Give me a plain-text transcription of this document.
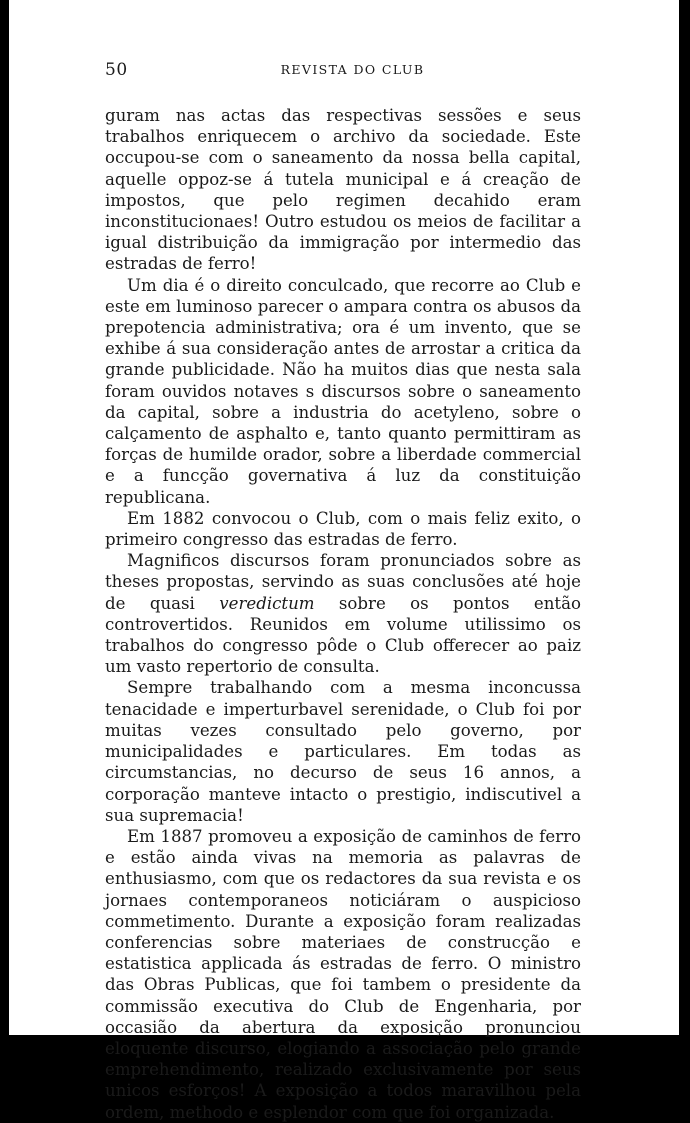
50	REVISTA DO CLUB

guram nas actas das respectivas sessões e seus trabalhos enriquecem o archivo da sociedade. Este occupou-se com o saneamento da nossa bella capital, aquelle oppoz-se á tutela municipal e á creação de impostos, que pelo regimen decahido eram inconstitucionaes! Outro estudou os meios de facilitar a igual distribuição da immigração por intermedio das estradas de ferro!

Um dia é o direito conculcado, que recorre ao Club e este em luminoso parecer o ampara contra os abusos da prepotencia administrativa; ora é um invento, que se exhibe á sua consideração antes de arrostar a critica da grande publicidade. Não ha muitos dias que nesta sala foram ouvidos notaves s discursos sobre o saneamento da capital, sobre a industria do acetyleno, sobre o calçamento de asphalto e, tanto quanto permittiram as forças de humilde orador, sobre a liberdade commercial e a funcção governativa á luz da constituição republicana.

Em 1882 convocou o Club, com o mais feliz exito, o primeiro congresso das estradas de ferro.

Magnificos discursos foram pronunciados sobre as theses propostas, servindo as suas conclusões até hoje de quasi veredictum sobre os pontos então controvertidos. Reunidos em volume utilissimo os trabalhos do congresso pôde o Club offerecer ao paiz um vasto repertorio de consulta.

Sempre trabalhando com a mesma inconcussa tenacidade e imperturbavel serenidade, o Club foi por muitas vezes consultado pelo governo, por municipalidades e particulares. Em todas as circumstancias, no decurso de seus 16 annos, a corporação manteve intacto o prestigio, indiscutivel a sua supremacia!

Em 1887 promoveu a exposição de caminhos de ferro e estão ainda vivas na memoria as palavras de enthusiasmo, com que os redactores da sua revista e os jornaes contemporaneos noticiáram o auspicioso commetimento. Durante a exposição foram realizadas conferencias sobre materiaes de construcção e estatistica applicada ás estradas de ferro. O ministro das Obras Publicas, que foi tambem o presidente da commissão executiva do Club de Engenharia, por occasião da abertura da exposição pronunciou eloquente discurso, elogiando a associação pelo grande emprehendimento, realizado exclusivamente por seus unicos esforços! A exposição a todos maravilhou pela ordem, methodo e esplendor com que foi organizada.
